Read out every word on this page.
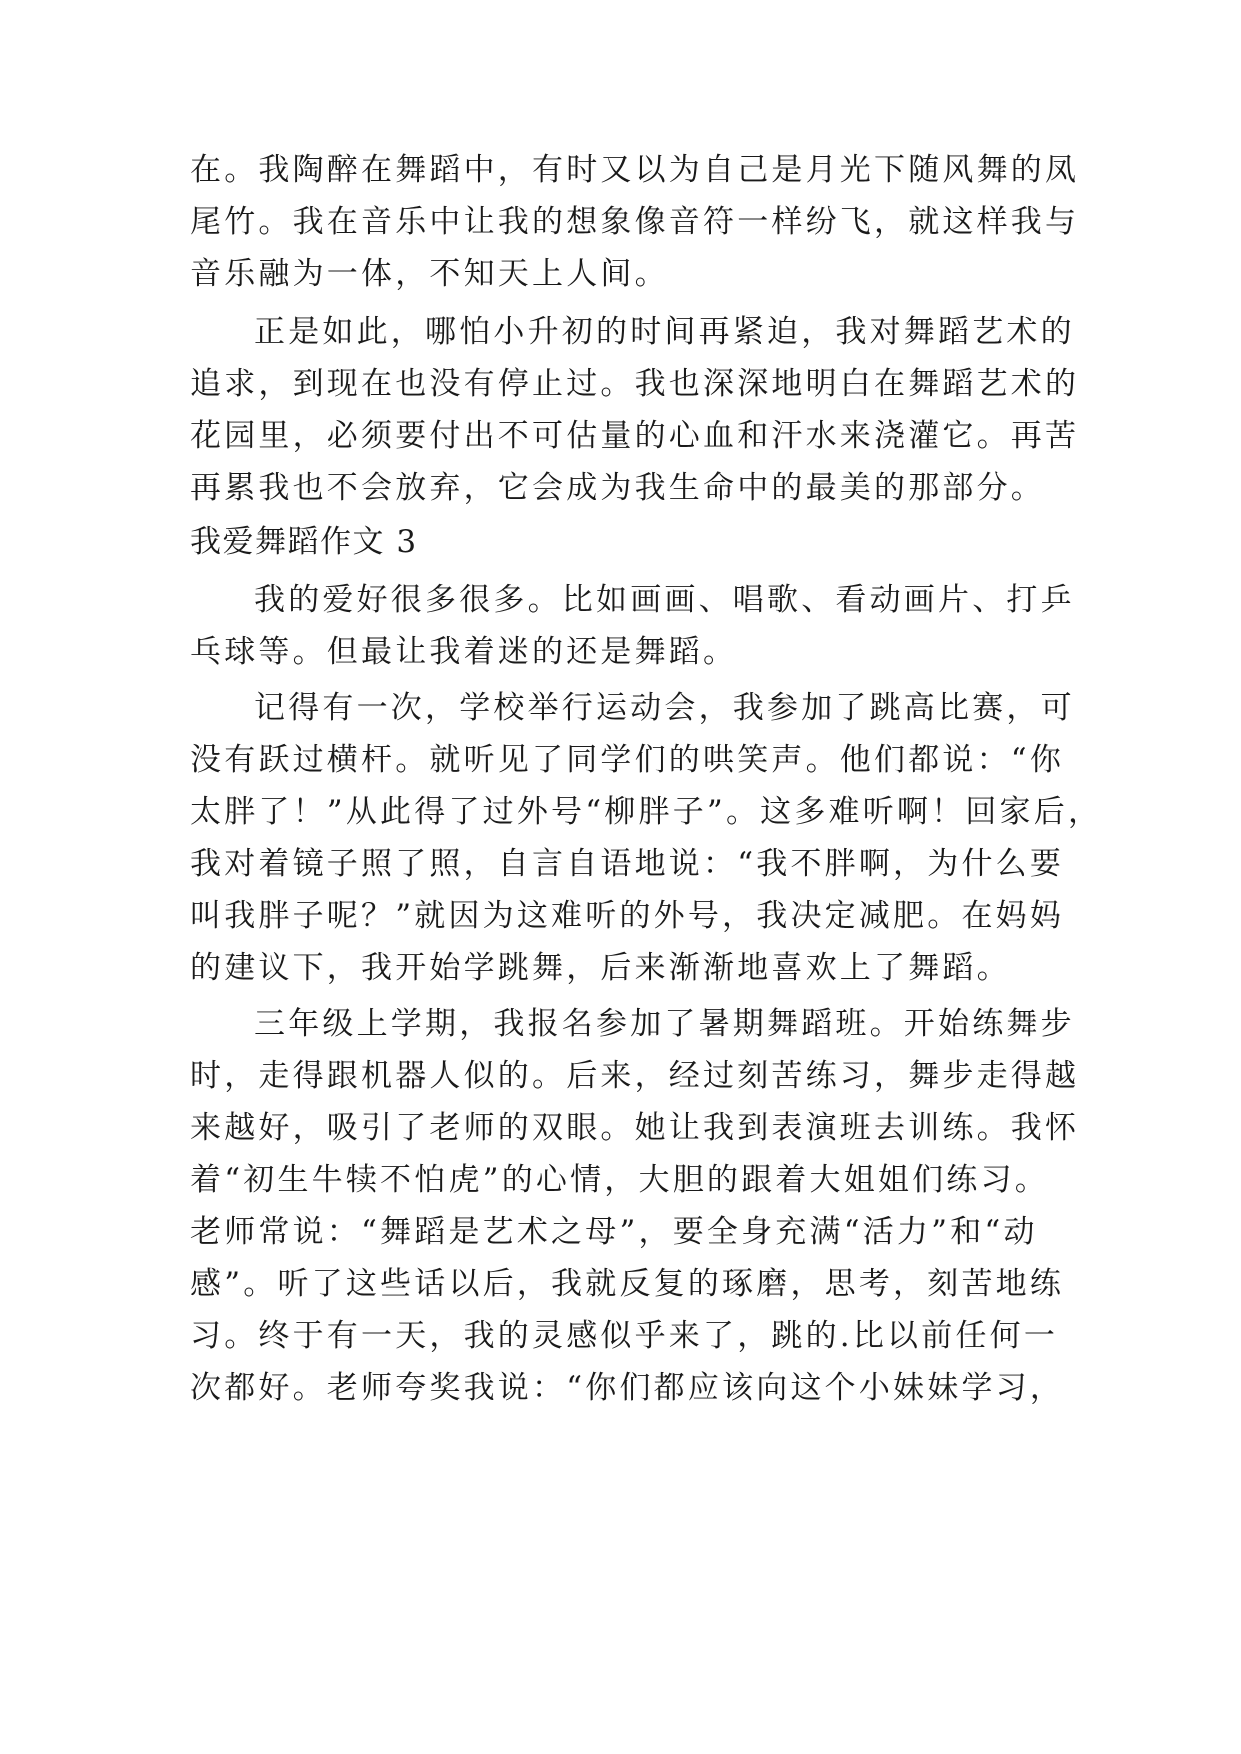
在。我陶醉在舞蹈中，有时又以为自己是月光下随风舞的凤
尾竹。我在音乐中让我的想象像音符一样纷飞，就这样我与
音乐融为一体，不知天上人间。
正是如此，哪怕小升初的时间再紧迫，我对舞蹈艺术的
追求，到现在也没有停止过。我也深深地明白在舞蹈艺术的
花园里，必须要付出不可估量的心血和汗水来浇灌它。再苦
再累我也不会放弃，它会成为我生命中的最美的那部分。
我爱舞蹈作文 3
我的爱好很多很多。比如画画、唱歌、看动画片、打乒
乓球等。但最让我着迷的还是舞蹈。
记得有一次，学校举行运动会，我参加了跳高比赛，可
没有跃过横杆。就听见了同学们的哄笑声。他们都说：“你
太胖了！”从此得了过外号“柳胖子”。这多难听啊！回家后，
我对着镜子照了照，自言自语地说：“我不胖啊，为什么要
叫我胖子呢？”就因为这难听的外号，我决定减肥。在妈妈
的建议下，我开始学跳舞，后来渐渐地喜欢上了舞蹈。
三年级上学期，我报名参加了暑期舞蹈班。开始练舞步
时，走得跟机器人似的。后来，经过刻苦练习，舞步走得越
来越好，吸引了老师的双眼。她让我到表演班去训练。我怀
着“初生牛犊不怕虎”的心情，大胆的跟着大姐姐们练习。
老师常说：“舞蹈是艺术之母”，要全身充满“活力”和“动
感”。听了这些话以后，我就反复的琢磨，思考，刻苦地练
习。终于有一天，我的灵感似乎来了，跳的.比以前任何一
次都好。老师夸奖我说：“你们都应该向这个小妹妹学习，
